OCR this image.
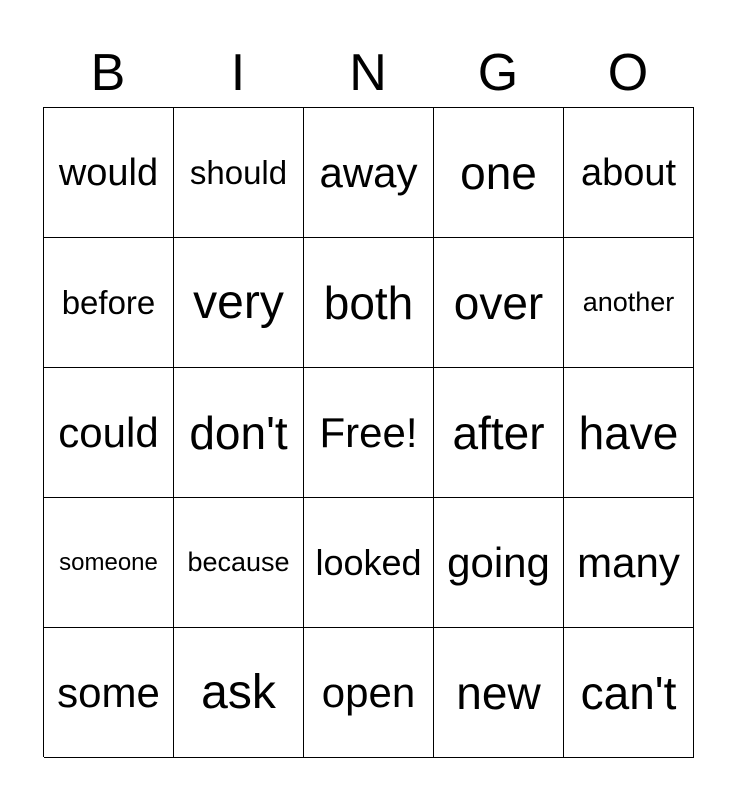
B	I	N	G	O
would should away one	about
before very both over	another
could don't Free! after have
someone	because looked going many
some ask	open new can't
